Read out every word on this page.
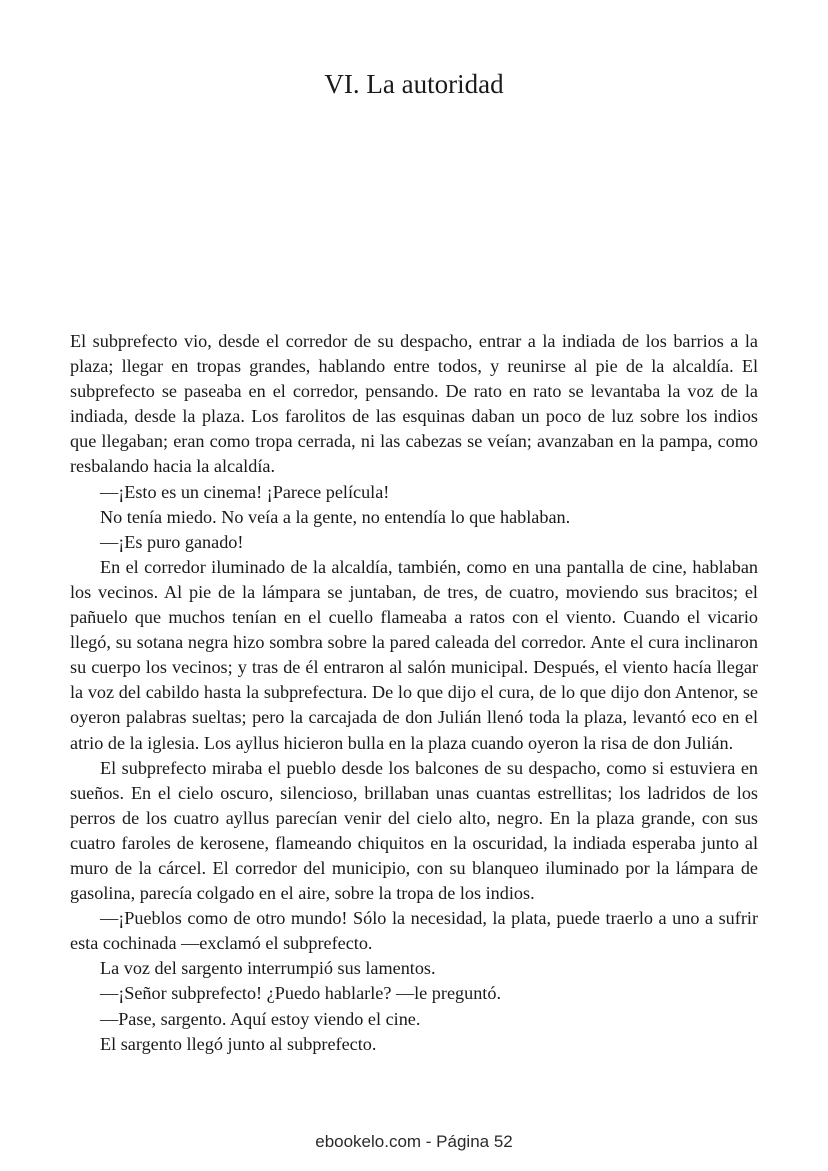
VI. La autoridad

El subprefecto vio, desde el corredor de su despacho, entrar a la indiada de los barrios a la plaza; llegar en tropas grandes, hablando entre todos, y reunirse al pie de la alcaldía. El subprefecto se paseaba en el corredor, pensando. De rato en rato se levantaba la voz de la indiada, desde la plaza. Los farolitos de las esquinas daban un poco de luz sobre los indios que llegaban; eran como tropa cerrada, ni las cabezas se veían; avanzaban en la pampa, como resbalando hacia la alcaldía.

—¡Esto es un cinema! ¡Parece película!

No tenía miedo. No veía a la gente, no entendía lo que hablaban.

—¡Es puro ganado!

En el corredor iluminado de la alcaldía, también, como en una pantalla de cine, hablaban los vecinos. Al pie de la lámpara se juntaban, de tres, de cuatro, moviendo sus bracitos; el pañuelo que muchos tenían en el cuello flameaba a ratos con el viento. Cuando el vicario llegó, su sotana negra hizo sombra sobre la pared caleada del corredor. Ante el cura inclinaron su cuerpo los vecinos; y tras de él entraron al salón municipal. Después, el viento hacía llegar la voz del cabildo hasta la subprefectura. De lo que dijo el cura, de lo que dijo don Antenor, se oyeron palabras sueltas; pero la carcajada de don Julián llenó toda la plaza, levantó eco en el atrio de la iglesia. Los ayllus hicieron bulla en la plaza cuando oyeron la risa de don Julián.

El subprefecto miraba el pueblo desde los balcones de su despacho, como si estuviera en sueños. En el cielo oscuro, silencioso, brillaban unas cuantas estrellitas; los ladridos de los perros de los cuatro ayllus parecían venir del cielo alto, negro. En la plaza grande, con sus cuatro faroles de kerosene, flameando chiquitos en la oscuridad, la indiada esperaba junto al muro de la cárcel. El corredor del municipio, con su blanqueo iluminado por la lámpara de gasolina, parecía colgado en el aire, sobre la tropa de los indios.

—¡Pueblos como de otro mundo! Sólo la necesidad, la plata, puede traerlo a uno a sufrir esta cochinada —exclamó el subprefecto.

La voz del sargento interrumpió sus lamentos.

—¡Señor subprefecto! ¿Puedo hablarle? —le preguntó.

—Pase, sargento. Aquí estoy viendo el cine.

El sargento llegó junto al subprefecto.

ebookelo.com - Página 52
